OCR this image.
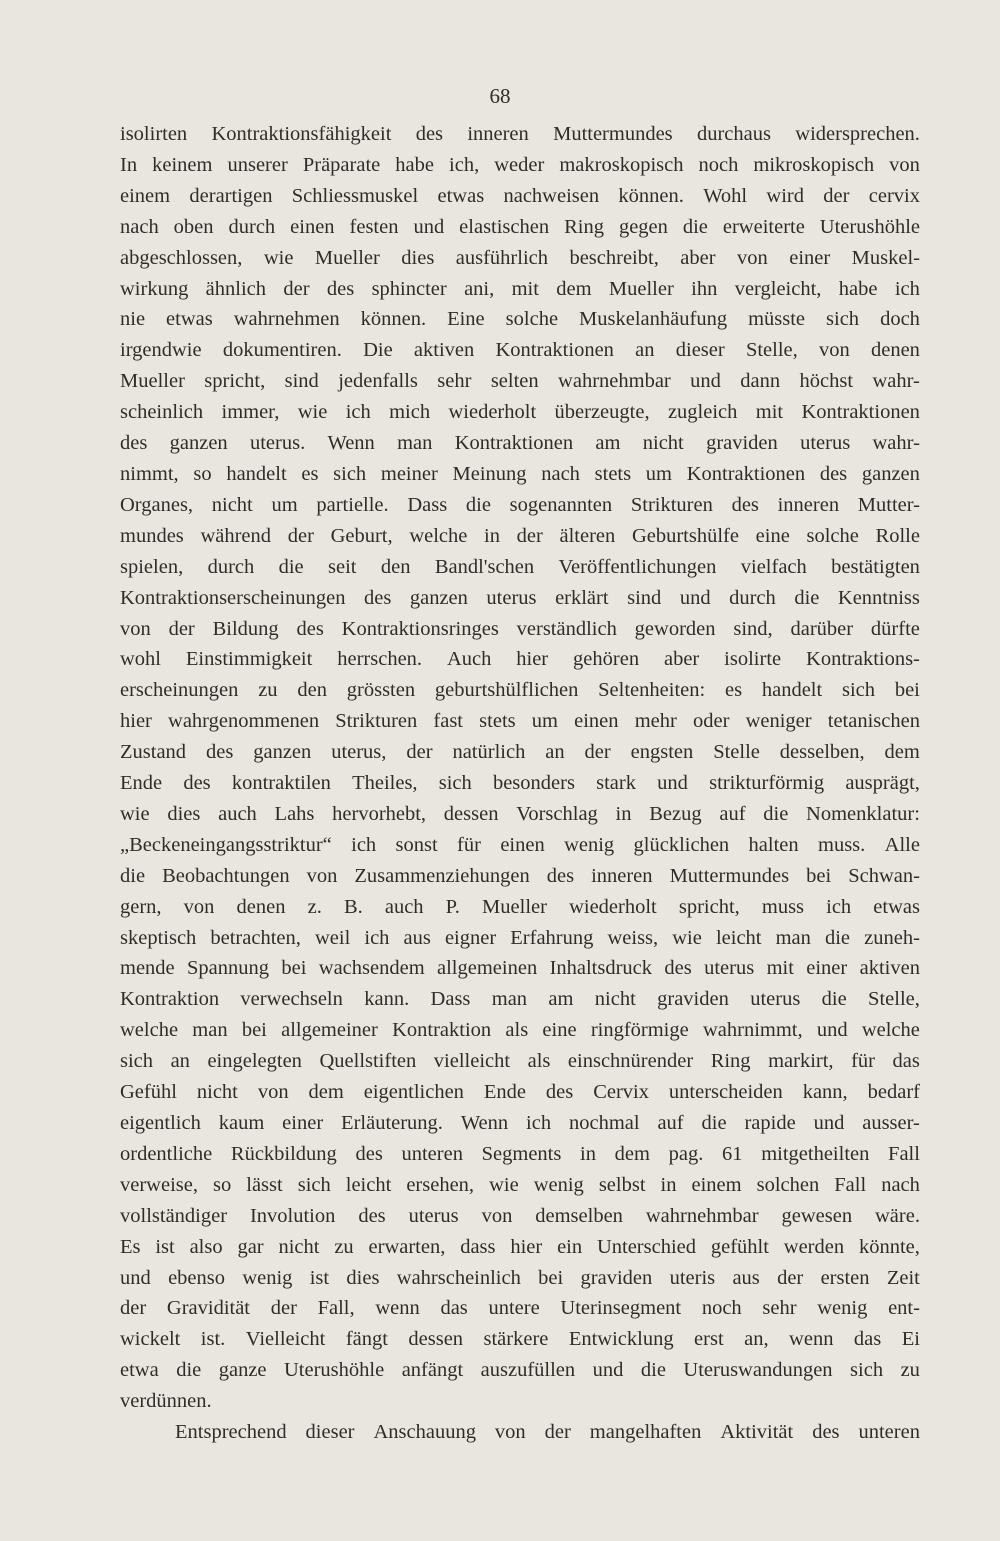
68
isolirten Kontraktionsfähigkeit des inneren Muttermundes durchaus widersprechen.
In keinem unserer Präparate habe ich, weder makroskopisch noch mikroskopisch von
einem derartigen Schliessmuskel etwas nachweisen können. Wohl wird der cervix
nach oben durch einen festen und elastischen Ring gegen die erweiterte Uterushöhle
abgeschlossen, wie Mueller dies ausführlich beschreibt, aber von einer Muskel-
wirkung ähnlich der des sphincter ani, mit dem Mueller ihn vergleicht, habe ich
nie etwas wahrnehmen können. Eine solche Muskelanhäufung müsste sich doch
irgendwie dokumentiren. Die aktiven Kontraktionen an dieser Stelle, von denen
Mueller spricht, sind jedenfalls sehr selten wahrnehmbar und dann höchst wahr-
scheinlich immer, wie ich mich wiederholt überzeugte, zugleich mit Kontraktionen
des ganzen uterus. Wenn man Kontraktionen am nicht graviden uterus wahr-
nimmt, so handelt es sich meiner Meinung nach stets um Kontraktionen des ganzen
Organes, nicht um partielle. Dass die sogenannten Strikturen des inneren Mutter-
mundes während der Geburt, welche in der älteren Geburtshülfe eine solche Rolle
spielen, durch die seit den Bandl'schen Veröffentlichungen vielfach bestätigten
Kontraktionserscheinungen des ganzen uterus erklärt sind und durch die Kenntniss
von der Bildung des Kontraktionsringes verständlich geworden sind, darüber dürfte
wohl Einstimmigkeit herrschen. Auch hier gehören aber isolirte Kontraktions-
erscheinungen zu den grössten geburtshülflichen Seltenheiten: es handelt sich bei
hier wahrgenommenen Strikturen fast stets um einen mehr oder weniger tetanischen
Zustand des ganzen uterus, der natürlich an der engsten Stelle desselben, dem
Ende des kontraktilen Theiles, sich besonders stark und strikturförmig ausprägt,
wie dies auch Lahs hervorhebt, dessen Vorschlag in Bezug auf die Nomenklatur:
„Beckeneingangsstriktur“ ich sonst für einen wenig glücklichen halten muss. Alle
die Beobachtungen von Zusammenziehungen des inneren Muttermundes bei Schwan-
gern, von denen z. B. auch P. Mueller wiederholt spricht, muss ich etwas
skeptisch betrachten, weil ich aus eigner Erfahrung weiss, wie leicht man die zuneh-
mende Spannung bei wachsendem allgemeinen Inhaltsdruck des uterus mit einer aktiven
Kontraktion verwechseln kann. Dass man am nicht graviden uterus die Stelle,
welche man bei allgemeiner Kontraktion als eine ringförmige wahrnimmt, und welche
sich an eingelegten Quellstiften vielleicht als einschnürender Ring markirt, für das
Gefühl nicht von dem eigentlichen Ende des Cervix unterscheiden kann, bedarf
eigentlich kaum einer Erläuterung. Wenn ich nochmal auf die rapide und ausser-
ordentliche Rückbildung des unteren Segments in dem pag. 61 mitgetheilten Fall
verweise, so lässt sich leicht ersehen, wie wenig selbst in einem solchen Fall nach
vollständiger Involution des uterus von demselben wahrnehmbar gewesen wäre.
Es ist also gar nicht zu erwarten, dass hier ein Unterschied gefühlt werden könnte,
und ebenso wenig ist dies wahrscheinlich bei graviden uteris aus der ersten Zeit
der Gravidität der Fall, wenn das untere Uterinsegment noch sehr wenig ent-
wickelt ist. Vielleicht fängt dessen stärkere Entwicklung erst an, wenn das Ei
etwa die ganze Uterushöhle anfängt auszufüllen und die Uteruswandungen sich zu
verdünnen.
Entsprechend dieser Anschauung von der mangelhaften Aktivität des unteren
